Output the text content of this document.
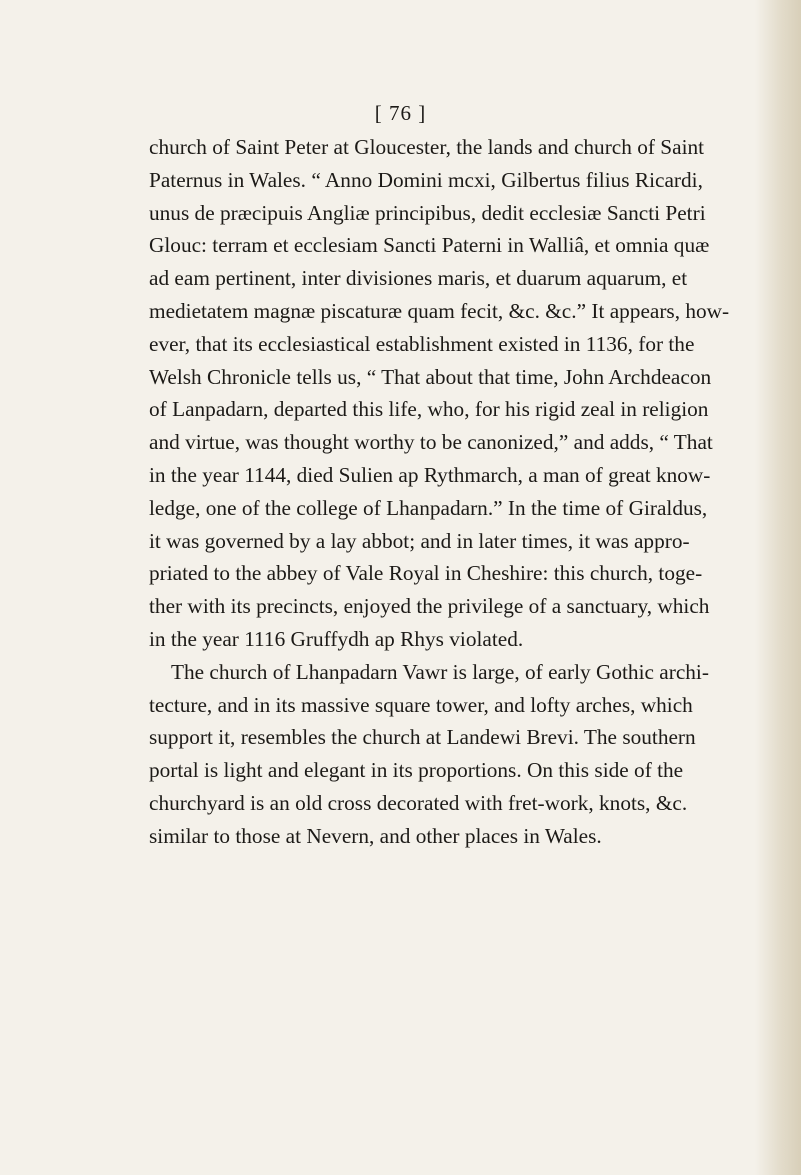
[ 76 ]
church of Saint Peter at Gloucester, the lands and church of Saint
Paternus in Wales. “ Anno Domini mcxi, Gilbertus filius Ricardi,
unus de præcipuis Angliæ principibus, dedit ecclesiæ Sancti Petri
Glouc: terram et ecclesiam Sancti Paterni in Walliâ, et omnia quæ
ad eam pertinent, inter divisiones maris, et duarum aquarum, et
medietatem magnæ piscaturæ quam fecit, &c. &c.” It appears, how-
ever, that its ecclesiastical establishment existed in 1136, for the
Welsh Chronicle tells us, “ That about that time, John Archdeacon
of Lanpadarn, departed this life, who, for his rigid zeal in religion
and virtue, was thought worthy to be canonized,” and adds, “ That
in the year 1144, died Sulien ap Rythmarch, a man of great know-
ledge, one of the college of Lhanpadarn.” In the time of Giraldus,
it was governed by a lay abbot; and in later times, it was appro-
priated to the abbey of Vale Royal in Cheshire: this church, toge-
ther with its precincts, enjoyed the privilege of a sanctuary, which
in the year 1116 Gruffydh ap Rhys violated.
The church of Lhanpadarn Vawr is large, of early Gothic archi-
tecture, and in its massive square tower, and lofty arches, which
support it, resembles the church at Landewi Brevi. The southern
portal is light and elegant in its proportions. On this side of the
churchyard is an old cross decorated with fret-work, knots, &c.
similar to those at Nevern, and other places in Wales.
